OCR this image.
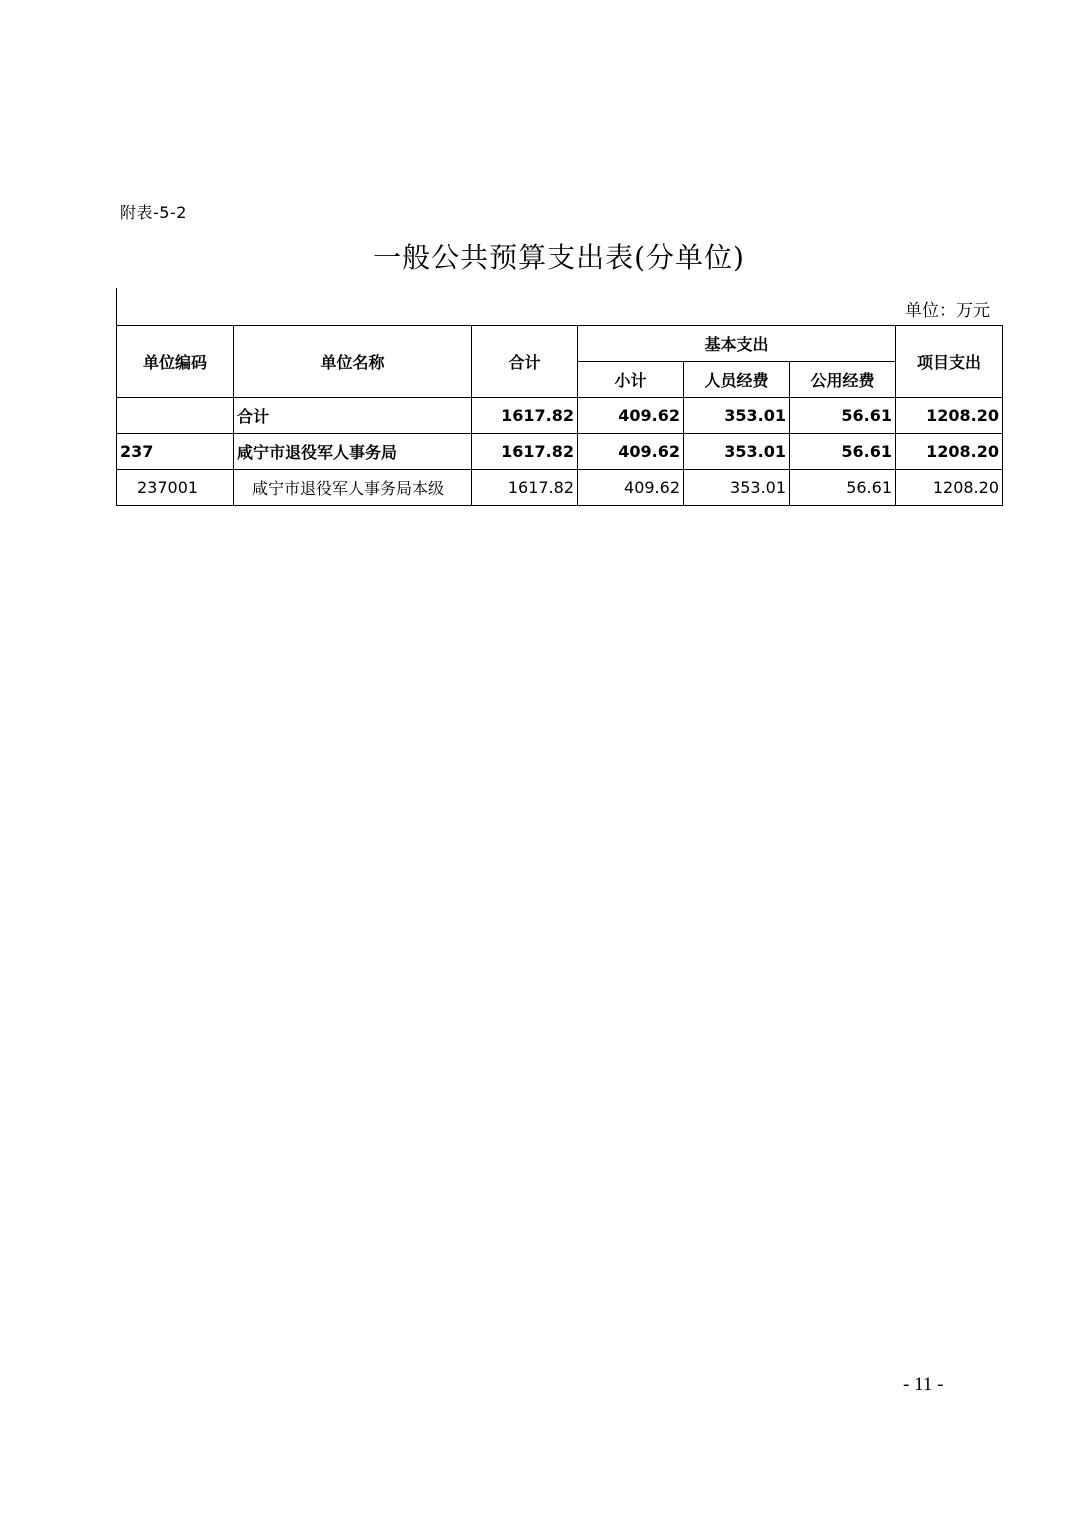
附表-5-2
一般公共预算支出表(分单位)
单位：万元
单位编码	单位名称	合计	基本支出			项目支出
			小计	人员经费	公用经费	
	合计	1617.82	409.62	353.01	56.61	1208.20
237	咸宁市退役军人事务局	1617.82	409.62	353.01	56.61	1208.20
237001	咸宁市退役军人事务局本级	1617.82	409.62	353.01	56.61	1208.20
- 11 -
